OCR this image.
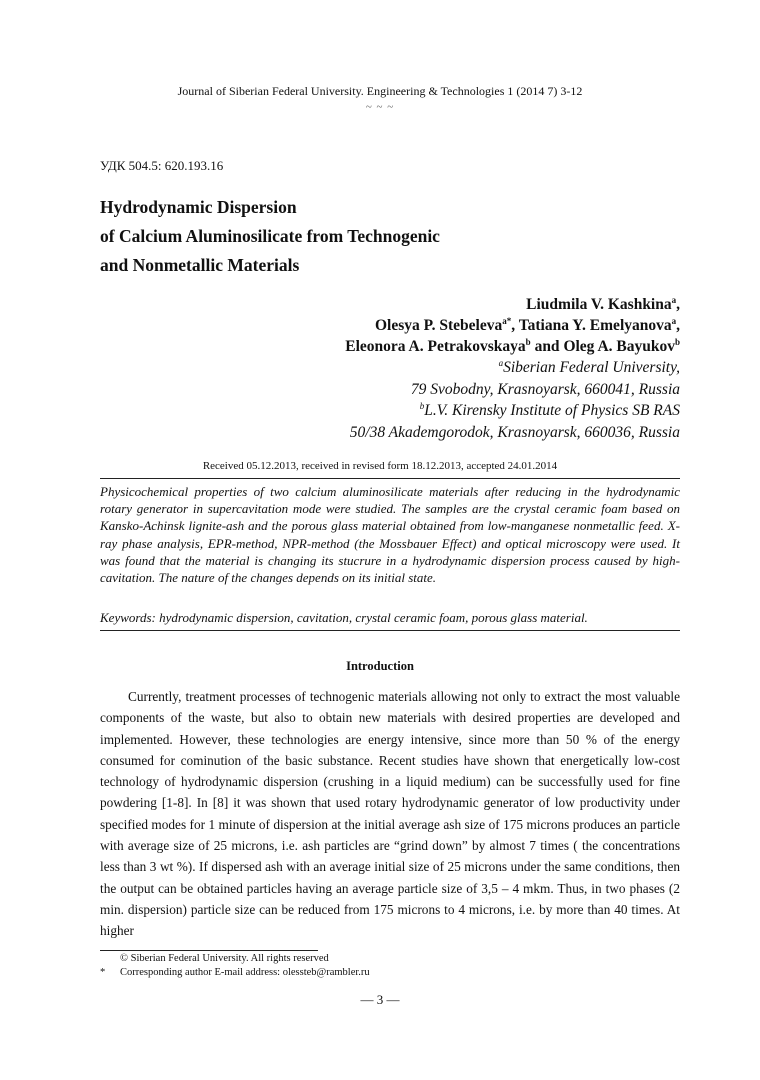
Journal of Siberian Federal University. Engineering & Technologies 1 (2014 7) 3-12
~ ~ ~
УДК 504.5: 620.193.16
Hydrodynamic Dispersion
of Calcium Aluminosilicate from Technogenic
and Nonmetallic Materials
Liudmila V. Kashkina$^a$,
Olesya P. Stebeleva$^{a*}$, Tatiana Y. Emelyanova$^a$,
Eleonora A. Petrakovskaya$^b$ and Oleg A. Bayukov$^b$
$^a$Siberian Federal University,
79 Svobodny, Krasnoyarsk, 660041, Russia
$^b$L.V. Kirensky Institute of Physics SB RAS
50/38 Akademgorodok, Krasnoyarsk, 660036, Russia
Received 05.12.2013, received in revised form 18.12.2013, accepted 24.01.2014

Physicochemical properties of two calcium aluminosilicate materials after reducing in the hydrodynamic rotary generator in supercavitation mode were studied. The samples are the crystal ceramic foam based on Kansko-Achinsk lignite-ash and the porous glass material obtained from low-manganese nonmetallic feed. X-ray phase analysis, EPR-method, NPR-method (the Mossbauer Effect) and optical microscopy were used. It was found that the material is changing its stucrure in a hydrodynamic dispersion process caused by high-cavitation. The nature of the changes depends on its initial state.

Keywords: hydrodynamic dispersion, cavitation, crystal ceramic foam, porous glass material.

Introduction

Currently, treatment processes of technogenic materials allowing not only to extract the most valuable components of the waste, but also to obtain new materials with desired properties are developed and implemented. However, these technologies are energy intensive, since more than 50 % of the energy consumed for cominution of the basic substance. Recent studies have shown that energetically low-cost technology of hydrodynamic dispersion (crushing in a liquid medium) can be successfully used for fine powdering [1-8]. In [8] it was shown that used rotary hydrodynamic generator of low productivity under specified modes for 1 minute of dispersion at the initial average ash size of 175 microns produces an particle with average size of 25 microns, i.e. ash particles are “grind down” by almost 7 times ( the concentrations less than 3 wt %). If dispersed ash with an average initial size of 25 microns under the same conditions, then the output can be obtained particles having an average particle size of 3,5 – 4 mkm. Thus, in two phases (2 min. dispersion) particle size can be reduced from 175 microns to 4 microns, i.e. by more than 40 times. At higher

© Siberian Federal University. All rights reserved
* Corresponding author E-mail address: olessteb@rambler.ru
— 3 —
